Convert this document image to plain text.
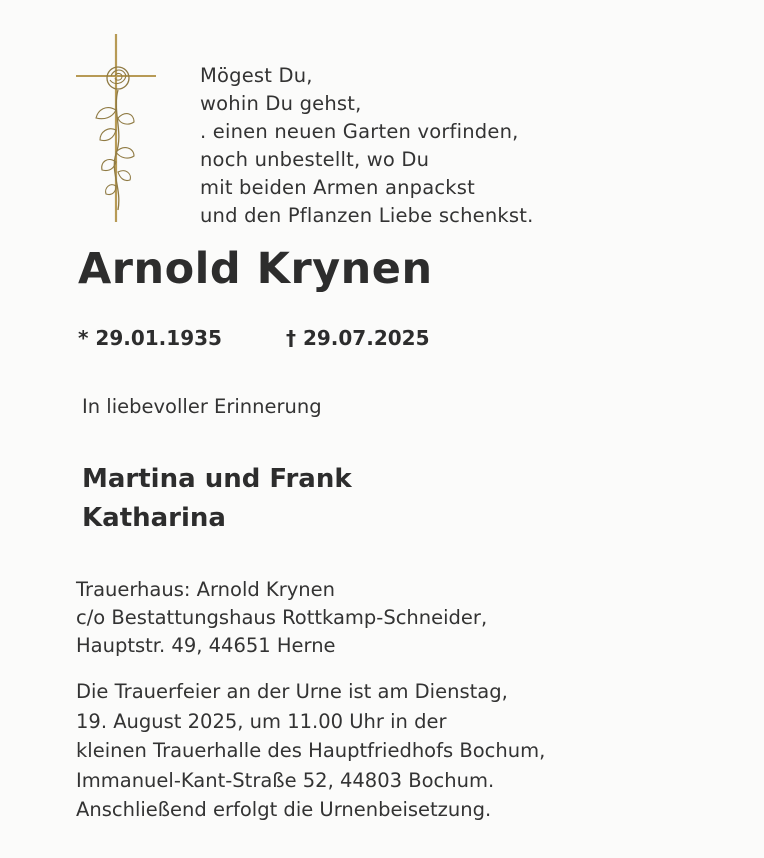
Mögest Du,
wohin Du gehst,
. einen neuen Garten vorfinden,
noch unbestellt, wo Du
mit beiden Armen anpackst
und den Pflanzen Liebe schenkst.
Arnold Krynen
* 29.01.1935	† 29.07.2025
In liebevoller Erinnerung
Martina und Frank
Katharina
Trauerhaus: Arnold Krynen
c/o Bestattungshaus Rottkamp-Schneider,
Hauptstr. 49, 44651 Herne
Die Trauerfeier an der Urne ist am Dienstag,
19. August 2025, um 11.00 Uhr in der
kleinen Trauerhalle des Hauptfriedhofs Bochum,
Immanuel-Kant-Straße 52, 44803 Bochum.
Anschließend erfolgt die Urnenbeisetzung.
